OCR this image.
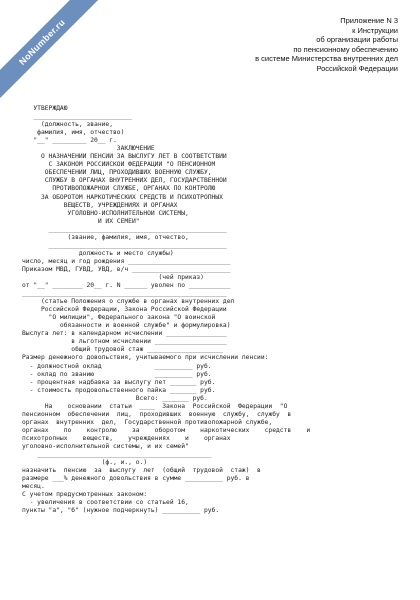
NoNumber.ru	Приложение N 3
к Инструкции
об организации работы
по пенсионному обеспечению
в системе Министерства внутренних дел
Российской Федерации
УТВЕРЖДАЮ
__________________________
(должность, звание,
фамилия, имя, отчество)
"__" _________ 20__ г.
ЗАКЛЮЧЕНИЕ
О НАЗНАЧЕНИИ ПЕНСИИ ЗА ВЫСЛУГУ ЛЕТ В СООТВЕТСТВИИ
С ЗАКОНОМ РОССИЙСКОЙ ФЕДЕРАЦИИ "О ПЕНСИОННОМ
ОБЕСПЕЧЕНИИ ЛИЦ, ПРОХОДИВШИХ ВОЕННУЮ СЛУЖБУ,
СЛУЖБУ В ОРГАНАХ ВНУТРЕННИХ ДЕЛ, ГОСУДАРСТВЕННОЙ
ПРОТИВОПОЖАРНОЙ СЛУЖБЕ, ОРГАНАХ ПО КОНТРОЛЮ
ЗА ОБОРОТОМ НАРКОТИЧЕСКИХ СРЕДСТВ И ПСИХОТРОПНЫХ
ВЕЩЕСТВ, УЧРЕЖДЕНИЯХ И ОРГАНАХ
УГОЛОВНО-ИСПОЛНИТЕЛЬНОЙ СИСТЕМЫ,
И ИХ СЕМЕЙ"
_______________________________________________
(звание, фамилия, имя, отчество,
_______________________________________________
должность и место службы)
число, месяц и год рождения ___________________________
Приказом МВД, ГУВД, УВД, в/ч __________________________
(чей приказ)
от "__" ________ 20__ г. N ______ уволен по ___________
______________________________________________________
(статье Положения о службе в органах внутренних дел
Российской Федерации, Закона Российской Федерации
"О милиции", Федерального закона "О воинской
обязанности и военной службе" и формулировка)
Выслуга лет: в календарном исчислении ________________
в льготном исчислении ___________________
общий трудовой стаж ____________________
Размер денежного довольствия, учитываемого при исчислении пенсии:
- должностной оклад              __________ руб.
- оклад по званию                __________ руб.
- процентная надбавка за выслугу лет _______ руб.
- стоимость продовольственного пайка _______ руб.
Всего: _______ руб.
На    основании  статьи  ____  Закона  Российской  Федерации  "О
пенсионном  обеспечении  лиц,  проходивших  военную  службу,  службу  в
органах  внутренних  дел,  Государственной противопожарной службе,
органах    по    контролю    за    оборотом    наркотических    средств    и
психотропных    веществ,    учреждениях    и    органах
уголовно-исполнительной системы, и их семей"
______________________________________________
(ф., и., о.)
назначить  пенсию  за  выслугу  лет  (общий  трудовой  стаж)  в
размере ___% денежного довольствия в сумме __________ руб. в
месяц.
С учетом предусмотренных законом:
- увеличения в соответствии со статьей 16,
пункты "а", "б" (нужное подчеркнуть) __________ руб.
